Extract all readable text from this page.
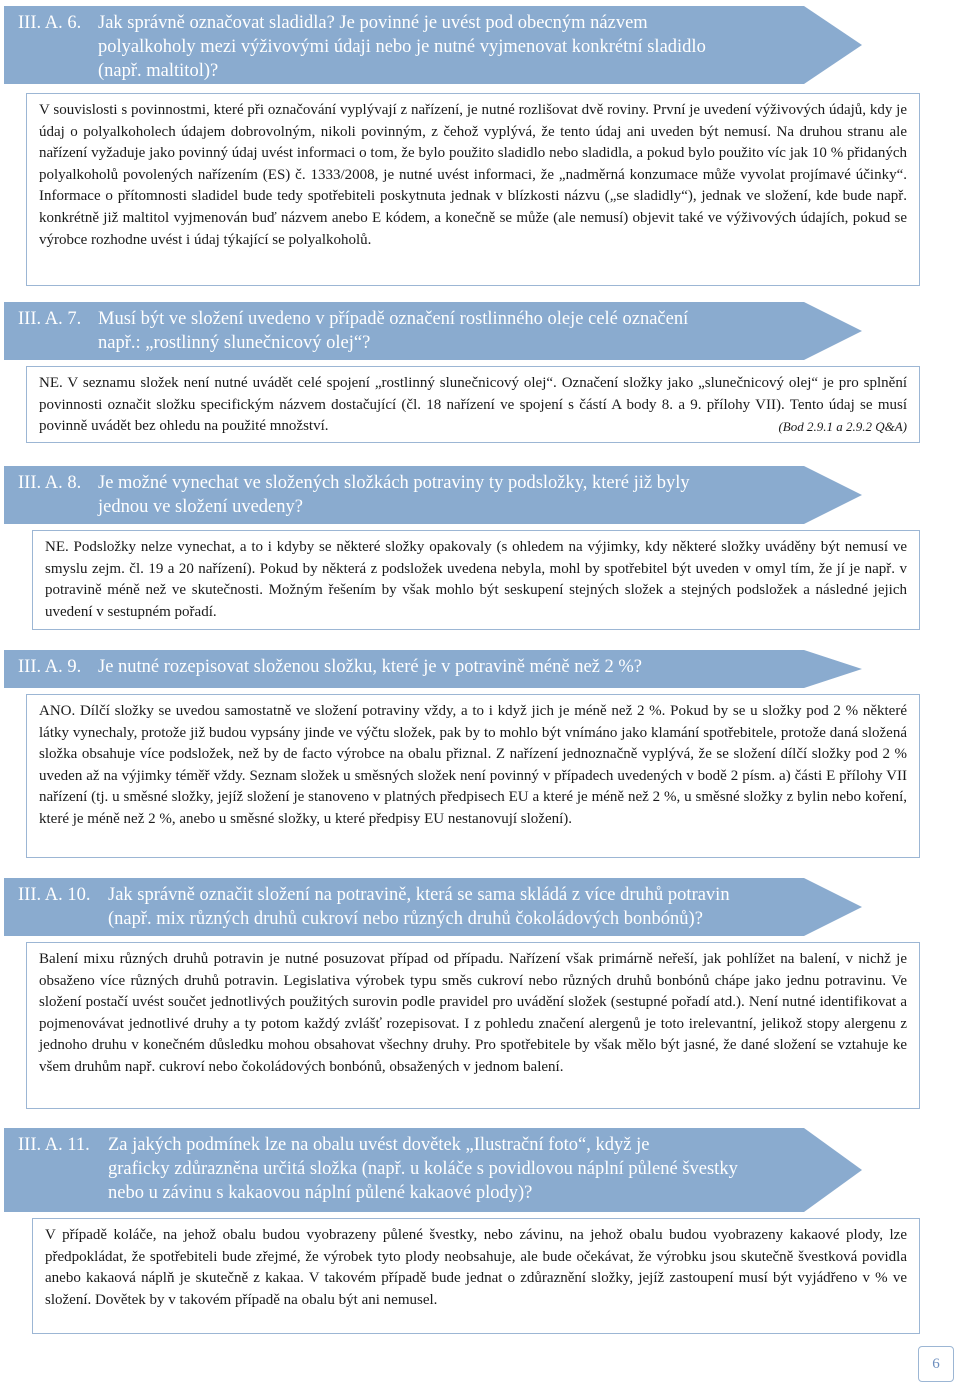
III. A. 6. Jak správně označovat sladidla? Je povinné je uvést pod obecným názvem
polyalkoholy mezi výživovými údaji nebo je nutné vyjmenovat konkrétní sladidlo
(např. maltitol)?

V souvislosti s povinnostmi, které při označování vyplývají z nařízení, je nutné rozlišovat dvě roviny. První je uvedení výživových údajů, kdy je údaj o polyalkoholech údajem dobrovolným, nikoli povinným, z čehož vyplývá, že tento údaj ani uveden být nemusí. Na druhou stranu ale nařízení vyžaduje jako povinný údaj uvést informaci o tom, že bylo použito sladidlo nebo sladidla, a pokud bylo použito víc jak 10 % přidaných polyalkoholů povolených nařízením (ES) č. 1333/2008, je nutné uvést informaci, že „nadměrná konzumace může vyvolat projímavé účinky“. Informace o přítomnosti sladidel bude tedy spotřebiteli poskytnuta jednak v blízkosti názvu („se sladidly“), jednak ve složení, kde bude např. konkrétně již maltitol vyjmenován buď názvem anebo E kódem, a konečně se může (ale nemusí) objevit také ve výživových údajích, pokud se výrobce rozhodne uvést i údaj týkající se polyalkoholů.

III. A. 7. Musí být ve složení uvedeno v případě označení rostlinného oleje celé označení
např.: „rostlinný slunečnicový olej“?

NE. V seznamu složek není nutné uvádět celé spojení „rostlinný slunečnicový olej“. Označení složky jako „slunečnicový olej“ je pro splnění povinnosti označit složku specifickým názvem dostačující (čl. 18 nařízení ve spojení s částí A body 8. a 9. přílohy VII). Tento údaj se musí povinně uvádět bez ohledu na použité množství.	(Bod 2.9.1 a 2.9.2 Q&A)

III. A. 8. Je možné vynechat ve složených složkách potraviny ty podsložky, které již byly
jednou ve složení uvedeny?

NE. Podsložky nelze vynechat, a to i kdyby se některé složky opakovaly (s ohledem na výjimky, kdy některé složky uváděny být nemusí ve smyslu zejm. čl. 19 a 20 nařízení). Pokud by některá z podsložek uvedena nebyla, mohl by spotřebitel být uveden v omyl tím, že jí je např. v potravině méně než ve skutečnosti. Možným řešením by však mohlo být seskupení stejných složek a stejných podsložek a následné jejich uvedení v sestupném pořadí.

III. A. 9. Je nutné rozepisovat složenou složku, které je v potravině méně než 2 %?

ANO. Dílčí složky se uvedou samostatně ve složení potraviny vždy, a to i když jich je méně než 2 %. Pokud by se u složky pod 2 % některé látky vynechaly, protože již budou vypsány jinde ve výčtu složek, pak by to mohlo být vnímáno jako klamání spotřebitele, protože daná složená složka obsahuje více podsložek, než by de facto výrobce na obalu přiznal. Z nařízení jednoznačně vyplývá, že se složení dílčí složky pod 2 % uveden až na výjimky téměř vždy. Seznam složek u směsných složek není povinný v případech uvedených v bodě 2 písm. a) části E přílohy VII nařízení (tj. u směsné složky, jejíž složení je stanoveno v platných předpisech EU a které je méně než 2 %, u směsné složky z bylin nebo koření, které je méně než 2 %, anebo u směsné složky, u které předpisy EU nestanovují složení).

III. A. 10. Jak správně označit složení na potravině, která se sama skládá z více druhů potravin
(např. mix různých druhů cukroví nebo různých druhů čokoládových bonbónů)?

Balení mixu různých druhů potravin je nutné posuzovat případ od případu. Nařízení však primárně neřeší, jak pohlížet na balení, v nichž je obsaženo více různých druhů potravin. Legislativa výrobek typu směs cukroví nebo různých druhů bonbónů chápe jako jednu potravinu. Ve složení postačí uvést součet jednotlivých použitých surovin podle pravidel pro uvádění složek (sestupné pořadí atd.). Není nutné identifikovat a pojmenovávat jednotlivé druhy a ty potom každý zvlášť rozepisovat. I z pohledu značení alergenů je toto irelevantní, jelikož stopy alergenu z jednoho druhu v konečném důsledku mohou obsahovat všechny druhy. Pro spotřebitele by však mělo být jasné, že dané složení se vztahuje ke všem druhům např. cukroví nebo čokoládových bonbónů, obsažených v jednom balení.

III. A. 11. Za jakých podmínek lze na obalu uvést dovětek „Ilustrační foto“, když je
graficky zdůrazněna určitá složka (např. u koláče s povidlovou náplní půlené švestky
nebo u závinu s kakaovou náplní půlené kakaové plody)?

V případě koláče, na jehož obalu budou vyobrazeny půlené švestky, nebo závinu, na jehož obalu budou vyobrazeny kakaové plody, lze předpokládat, že spotřebiteli bude zřejmé, že výrobek tyto plody neobsahuje, ale bude očekávat, že výrobku jsou skutečně švestková povidla anebo kakaová náplň je skutečně z kakaa. V takovém případě bude jednat o zdůraznění složky, jejíž zastoupení musí být vyjádřeno v % ve složení. Dovětek by v takovém případě na obalu být ani nemusel.

6
